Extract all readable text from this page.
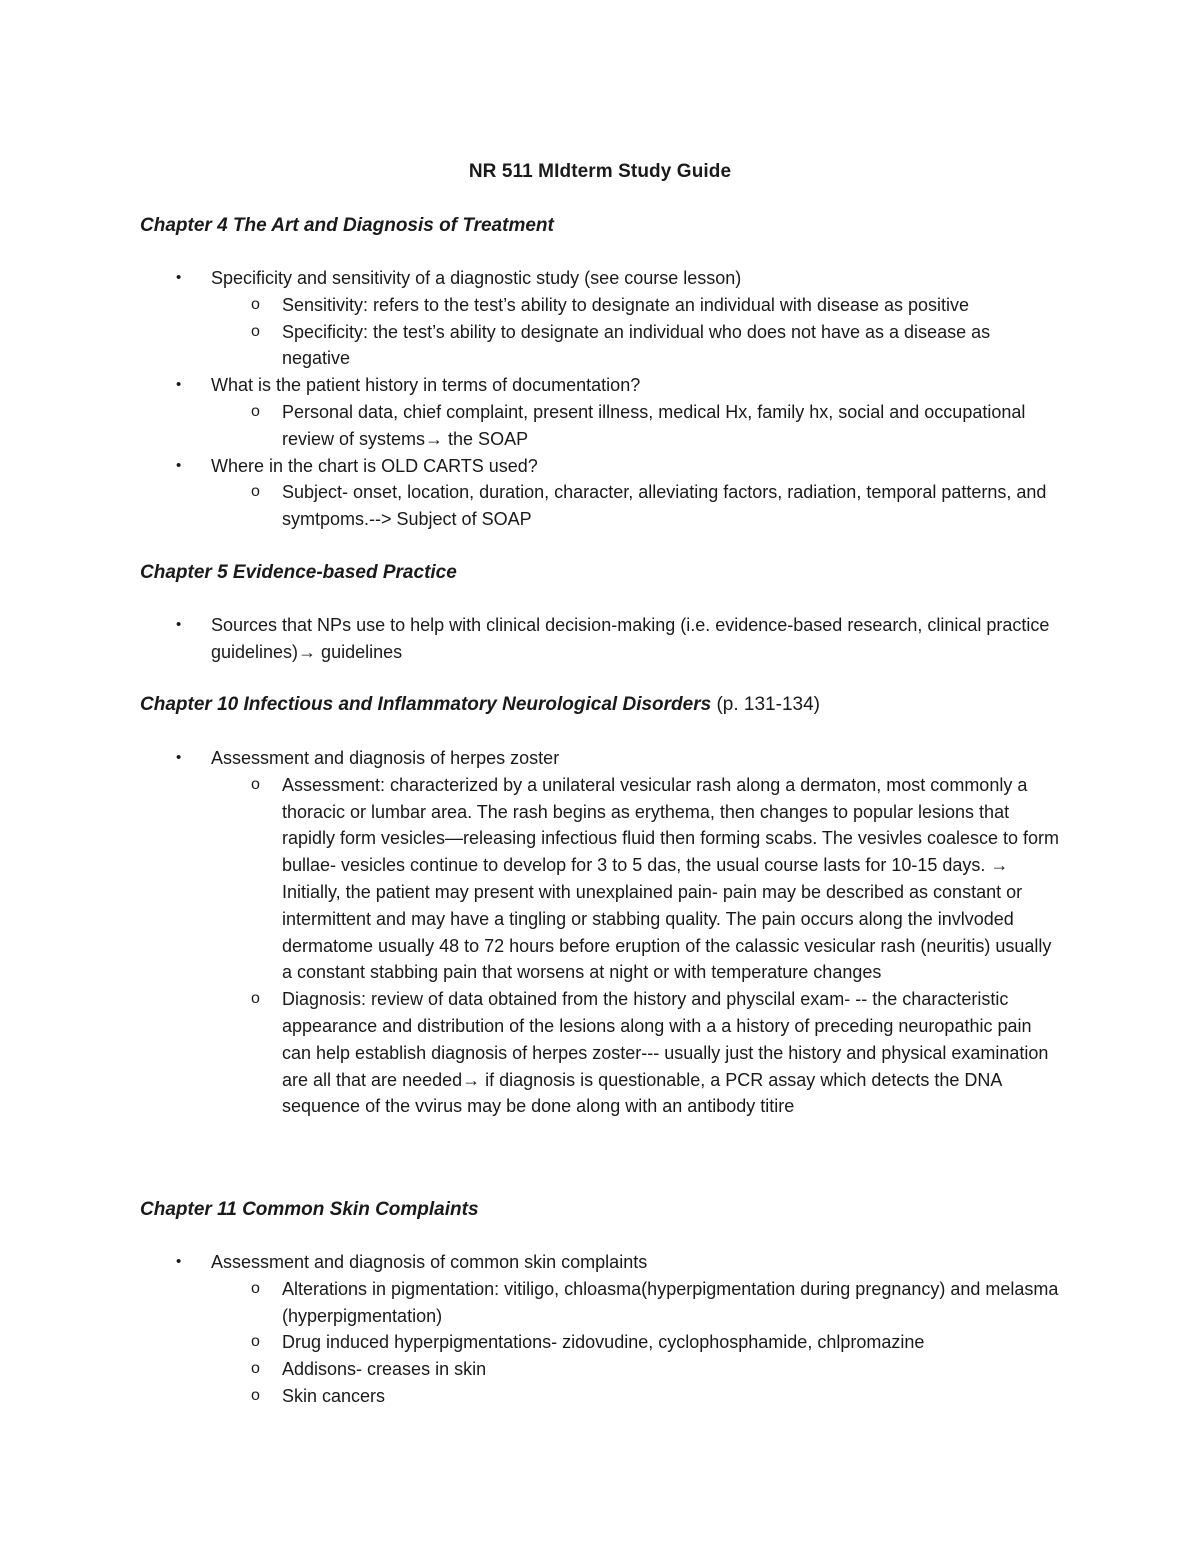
NR 511 MIdterm Study Guide
Chapter 4 The Art and Diagnosis of Treatment
• Specificity and sensitivity of a diagnostic study (see course lesson)
o Sensitivity: refers to the test’s ability to designate an individual with disease as positive
o Specificity: the test’s ability to designate an individual who does not have as a disease as negative
• What is the patient history in terms of documentation?
o Personal data, chief complaint, present illness, medical Hx, family hx, social and occupational review of systems→ the SOAP
• Where in the chart is OLD CARTS used?
o Subject- onset, location, duration, character, alleviating factors, radiation, temporal patterns, and symtpoms.--> Subject of SOAP
Chapter 5 Evidence-based Practice
• Sources that NPs use to help with clinical decision-making (i.e. evidence-based research, clinical practice guidelines)→ guidelines
Chapter 10 Infectious and Inflammatory Neurological Disorders (p. 131-134)
• Assessment and diagnosis of herpes zoster
o Assessment: characterized by a unilateral vesicular rash along a dermaton, most commonly a thoracic or lumbar area. The rash begins as erythema, then changes to popular lesions that rapidly form vesicles—releasing infectious fluid then forming scabs. The vesivles coalesce to form bullae- vesicles continue to develop for 3 to 5 das, the usual course lasts for 10-15 days. → Initially, the patient may present with unexplained pain- pain may be described as constant or intermittent and may have a tingling or stabbing quality. The pain occurs along the invlvoded dermatome usually 48 to 72 hours before eruption of the calassic vesicular rash (neuritis) usually a constant stabbing pain that worsens at night or with temperature changes
o Diagnosis: review of data obtained from the history and physcilal exam- -- the characteristic appearance and distribution of the lesions along with a a history of preceding neuropathic pain can help establish diagnosis of herpes zoster--- usually just the history and physical examination are all that are needed→ if diagnosis is questionable, a PCR assay which detects the DNA sequence of the vvirus may be done along with an antibody titire
Chapter 11 Common Skin Complaints
• Assessment and diagnosis of common skin complaints
o Alterations in pigmentation: vitiligo, chloasma(hyperpigmentation during pregnancy) and melasma (hyperpigmentation)
o Drug induced hyperpigmentations- zidovudine, cyclophosphamide, chlpromazine
o Addisons- creases in skin
o Skin cancers
